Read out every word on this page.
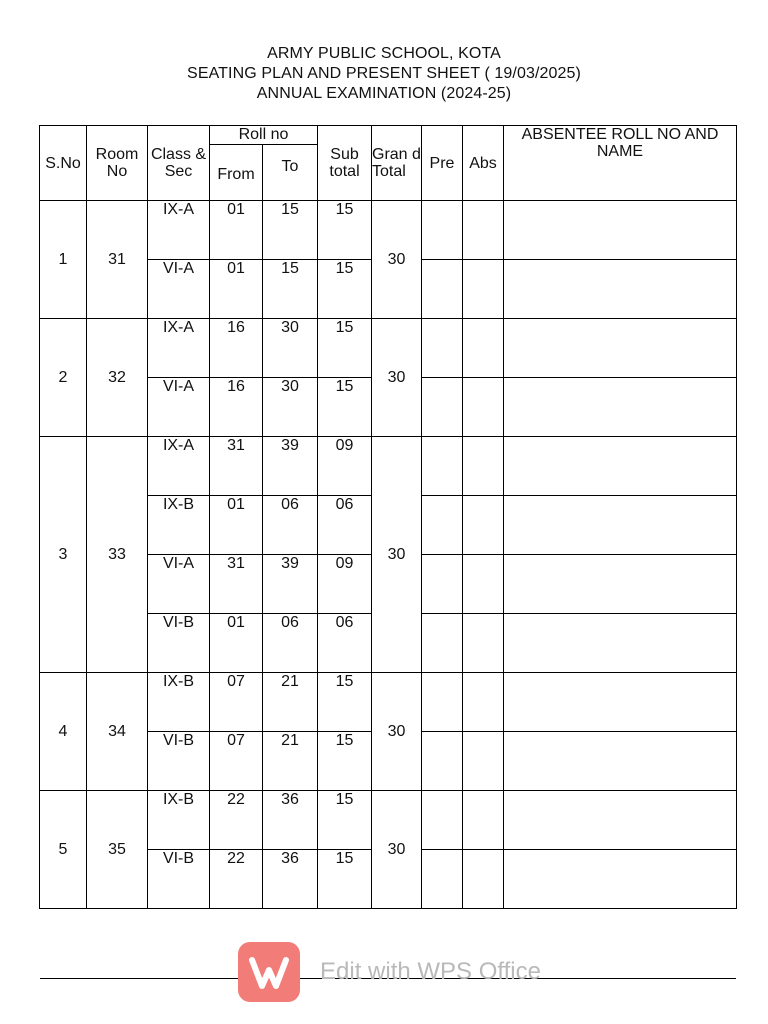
ARMY PUBLIC SCHOOL, KOTA
SEATING PLAN AND PRESENT SHEET ( 19/03/2025)
ANNUAL EXAMINATION (2024-25)
S.No	Room No	Class & Sec	Roll no		Sub total	Gran d Total	Pre	Abs	ABSENTEE ROLL NO AND NAME
			From	To					
1	31	IX-A	01	15	15	30			
		VI-A	01	15	15				
2	32	IX-A	16	30	15	30			
		VI-A	16	30	15				
3	33	IX-A	31	39	09	30			
		IX-B	01	06	06				
		VI-A	31	39	09				
		VI-B	01	06	06				
4	34	IX-B	07	21	15	30			
		VI-B	07	21	15				
5	35	IX-B	22	36	15	30			
		VI-B	22	36	15				
Edit with WPS Office
